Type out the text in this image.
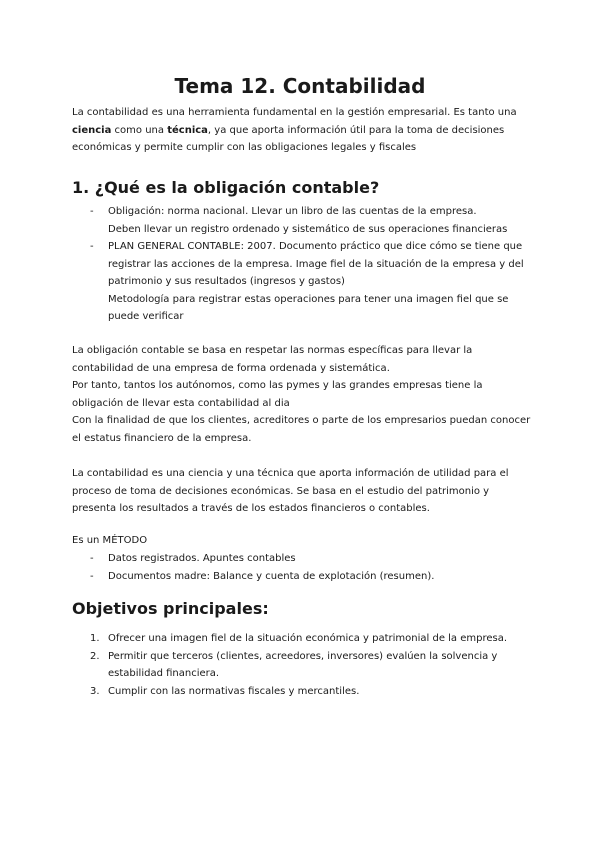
Tema 12. Contabilidad

La contabilidad es una herramienta fundamental en la gestión empresarial. Es tanto una ciencia como una técnica, ya que aporta información útil para la toma de decisiones económicas y permite cumplir con las obligaciones legales y fiscales

1. ¿Qué es la obligación contable?
- Obligación: norma nacional. Llevar un libro de las cuentas de la empresa.
Deben llevar un registro ordenado y sistemático de sus operaciones financieras
- PLAN GENERAL CONTABLE: 2007. Documento práctico que dice cómo se tiene que registrar las acciones de la empresa. Image fiel de la situación de la empresa y del patrimonio y sus resultados (ingresos y gastos)
Metodología para registrar estas operaciones para tener una imagen fiel que se puede verificar

La obligación contable se basa en respetar las normas específicas para llevar la contabilidad de una empresa de forma ordenada y sistemática.

Por tanto, tantos los autónomos, como las pymes y las grandes empresas tiene la obligación de llevar esta contabilidad al dia

Con la finalidad de que los clientes, acreditores o parte de los empresarios puedan conocer el estatus financiero de la empresa.

La contabilidad es una ciencia y una técnica que aporta información de utilidad para el proceso de toma de decisiones económicas. Se basa en el estudio del patrimonio y presenta los resultados a través de los estados financieros o contables.

Es un MÉTODO

- Datos registrados. Apuntes contables
- Documentos madre: Balance y cuenta de explotación (resumen).
Objetivos principales:
Ofrecer una imagen fiel de la situación económica y patrimonial de la empresa.
Permitir que terceros (clientes, acreedores, inversores) evalúen la solvencia y estabilidad financiera.
Cumplir con las normativas fiscales y mercantiles.
